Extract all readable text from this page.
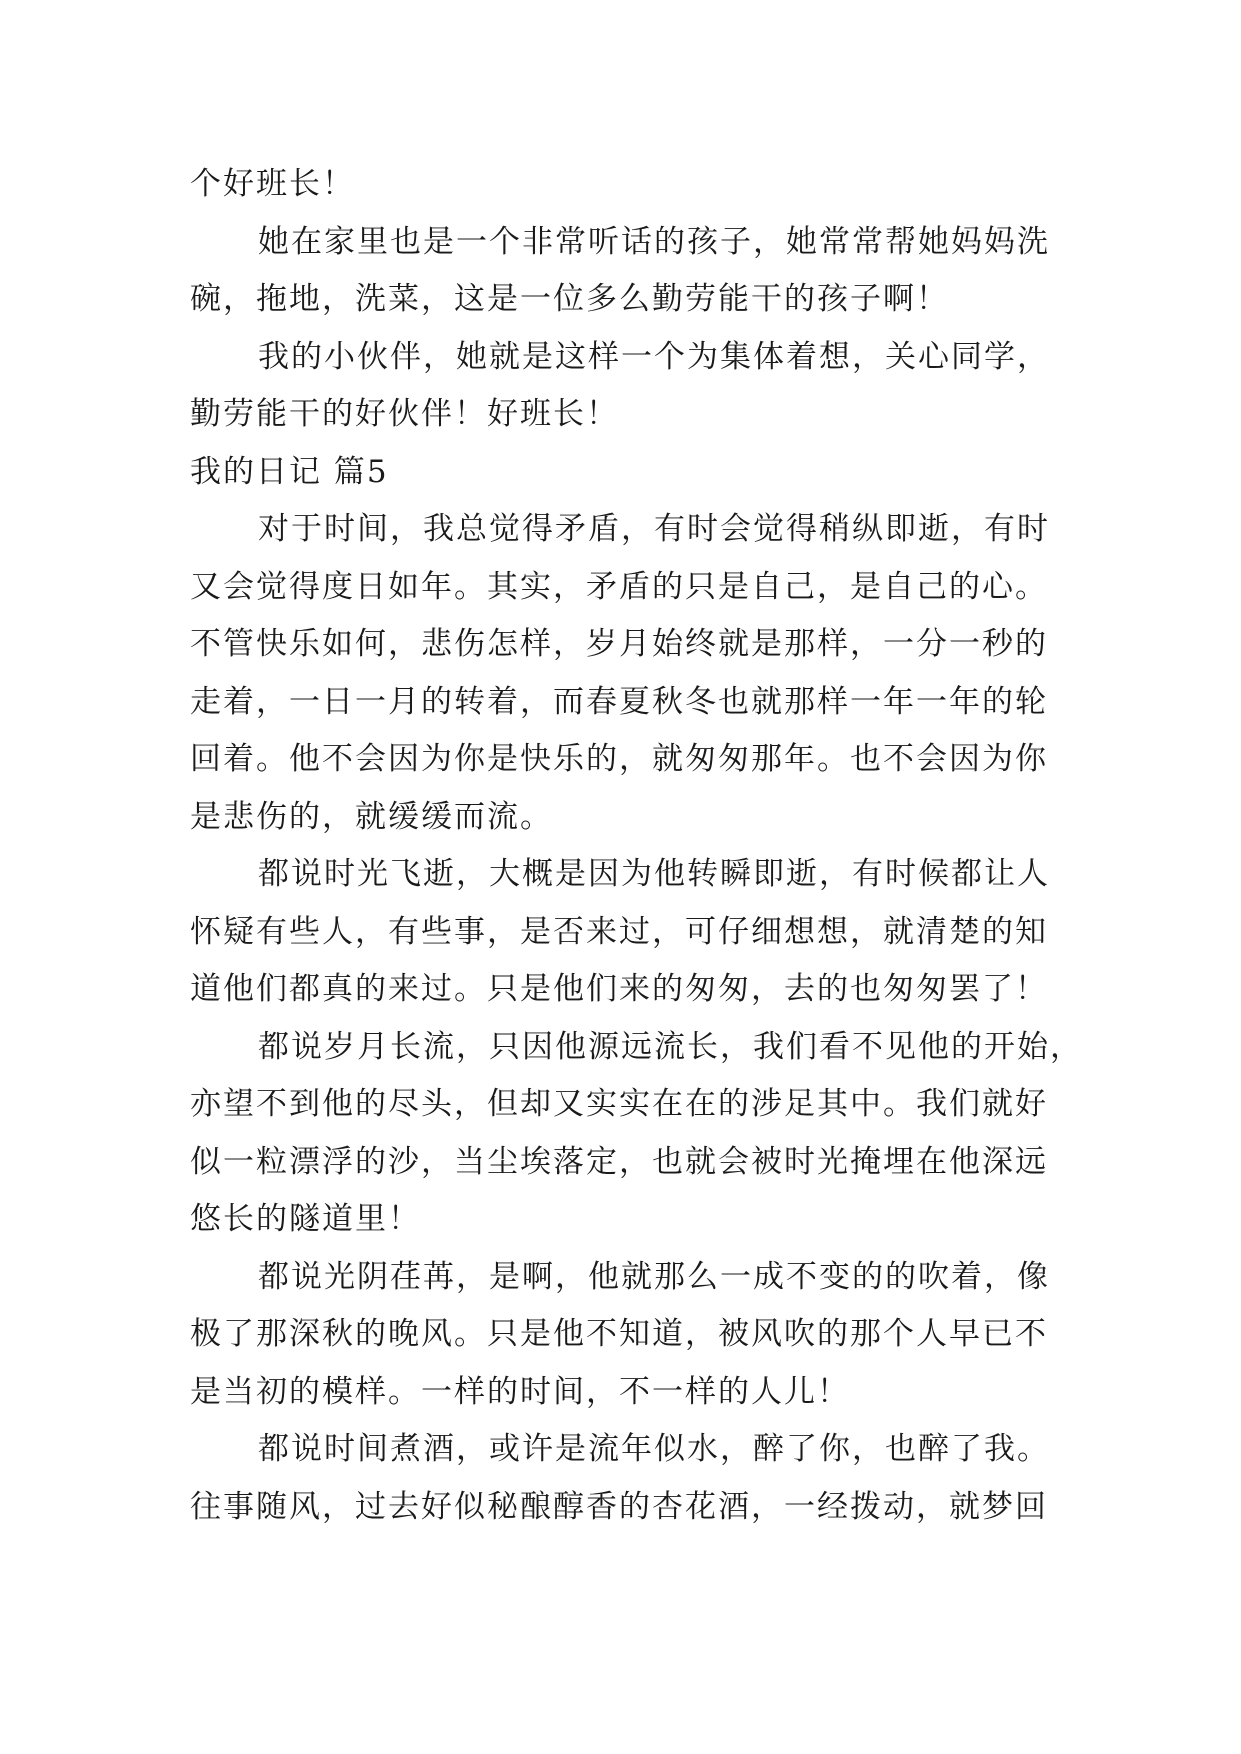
个好班长！
她在家里也是一个非常听话的孩子，她常常帮她妈妈洗
碗，拖地，洗菜，这是一位多么勤劳能干的孩子啊！
我的小伙伴，她就是这样一个为集体着想，关心同学，
勤劳能干的好伙伴！好班长！
我的日记 篇5
对于时间，我总觉得矛盾，有时会觉得稍纵即逝，有时
又会觉得度日如年。其实，矛盾的只是自己，是自己的心。
不管快乐如何，悲伤怎样，岁月始终就是那样，一分一秒的
走着，一日一月的转着，而春夏秋冬也就那样一年一年的轮
回着。他不会因为你是快乐的，就匆匆那年。也不会因为你
是悲伤的，就缓缓而流。
都说时光飞逝，大概是因为他转瞬即逝，有时候都让人
怀疑有些人，有些事，是否来过，可仔细想想，就清楚的知
道他们都真的来过。只是他们来的匆匆，去的也匆匆罢了！
都说岁月长流，只因他源远流长，我们看不见他的开始，
亦望不到他的尽头，但却又实实在在的涉足其中。我们就好
似一粒漂浮的沙，当尘埃落定，也就会被时光掩埋在他深远
悠长的隧道里！
都说光阴荏苒，是啊，他就那么一成不变的的吹着，像
极了那深秋的晚风。只是他不知道，被风吹的那个人早已不
是当初的模样。一样的时间，不一样的人儿！
都说时间煮酒，或许是流年似水，醉了你，也醉了我。
往事随风，过去好似秘酿醇香的杏花酒，一经拨动，就梦回
